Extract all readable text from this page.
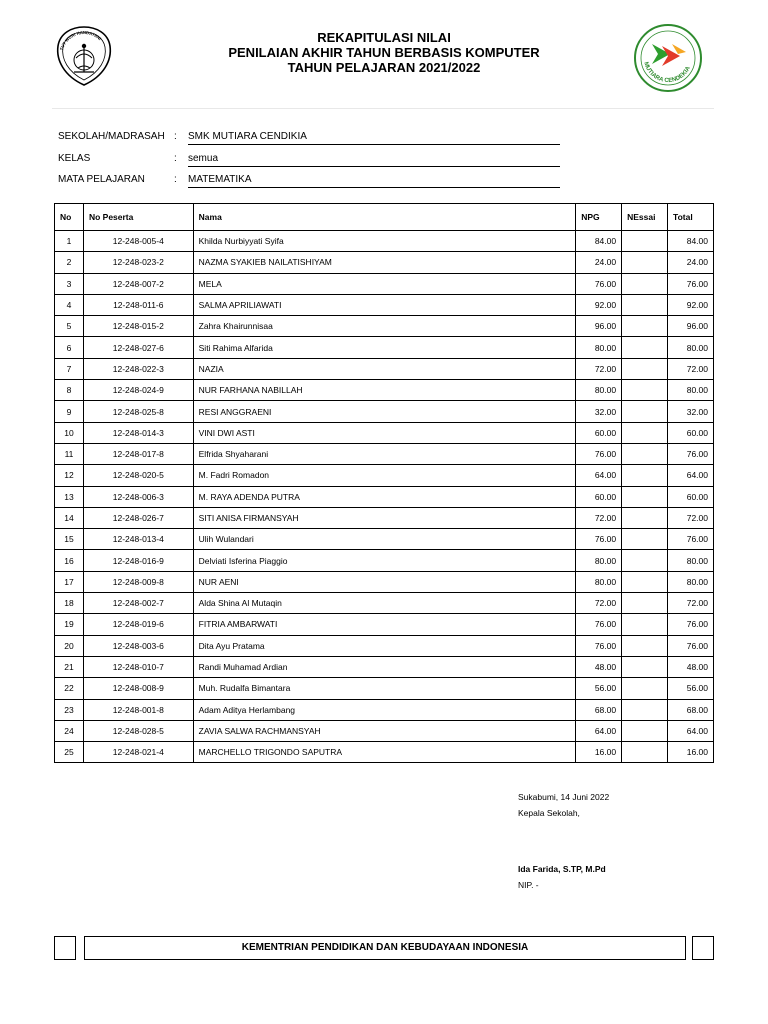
TUT WURI HANDAYANI	REKAPITULASI NILAI
PENILAIAN AKHIR TAHUN BERBASIS KOMPUTER
TAHUN PELAJARAN 2021/2022	MUTIARA CENDEKIA
SEKOLAH/MADRASAH : SMK MUTIARA CENDIKIA
KELAS	: semua
MATA PELAJARAN	: MATEMATIKA
No	No Peserta	Nama	NPG	NEssai	Total
1	12-248-005-4	Khilda Nurbiyyati Syifa	84.00		84.00
2	12-248-023-2	NAZMA SYAKIEB NAILATISHIYAM	24.00		24.00
3	12-248-007-2	MELA	76.00		76.00
4	12-248-011-6	SALMA APRILIAWATI	92.00		92.00
5	12-248-015-2	Zahra Khairunnisaa	96.00		96.00
6	12-248-027-6	Siti Rahima Alfarida	80.00		80.00
7	12-248-022-3	NAZIA	72.00		72.00
8	12-248-024-9	NUR FARHANA NABILLAH	80.00		80.00
9	12-248-025-8	RESI ANGGRAENI	32.00		32.00
10	12-248-014-3	VINI DWI ASTI	60.00		60.00
11	12-248-017-8	Elfrida Shyaharani	76.00		76.00
12	12-248-020-5	M. Fadri Romadon	64.00		64.00
13	12-248-006-3	M. RAYA ADENDA PUTRA	60.00		60.00
14	12-248-026-7	SITI ANISA FIRMANSYAH	72.00		72.00
15	12-248-013-4	Ulih Wulandari	76.00		76.00
16	12-248-016-9	Delviati Isferina Piaggio	80.00		80.00
17	12-248-009-8	NUR AENI	80.00		80.00
18	12-248-002-7	Alda Shina Al Mutaqin	72.00		72.00
19	12-248-019-6	FITRIA AMBARWATI	76.00		76.00
20	12-248-003-6	Dita Ayu Pratama	76.00		76.00
21	12-248-010-7	Randi Muhamad Ardian	48.00		48.00
22	12-248-008-9	Muh. Rudalfa Bimantara	56.00		56.00
23	12-248-001-8	Adam Aditya Herlambang	68.00		68.00
24	12-248-028-5	ZAVIA SALWA RACHMANSYAH	64.00		64.00
25	12-248-021-4	MARCHELLO TRIGONDO SAPUTRA	16.00		16.00
Sukabumi, 14 Juni 2022
Kepala Sekolah,
Ida Farida, S.TP, M.Pd
NIP. -
KEMENTRIAN PENDIDIKAN DAN KEBUDAYAAN INDONESIA
